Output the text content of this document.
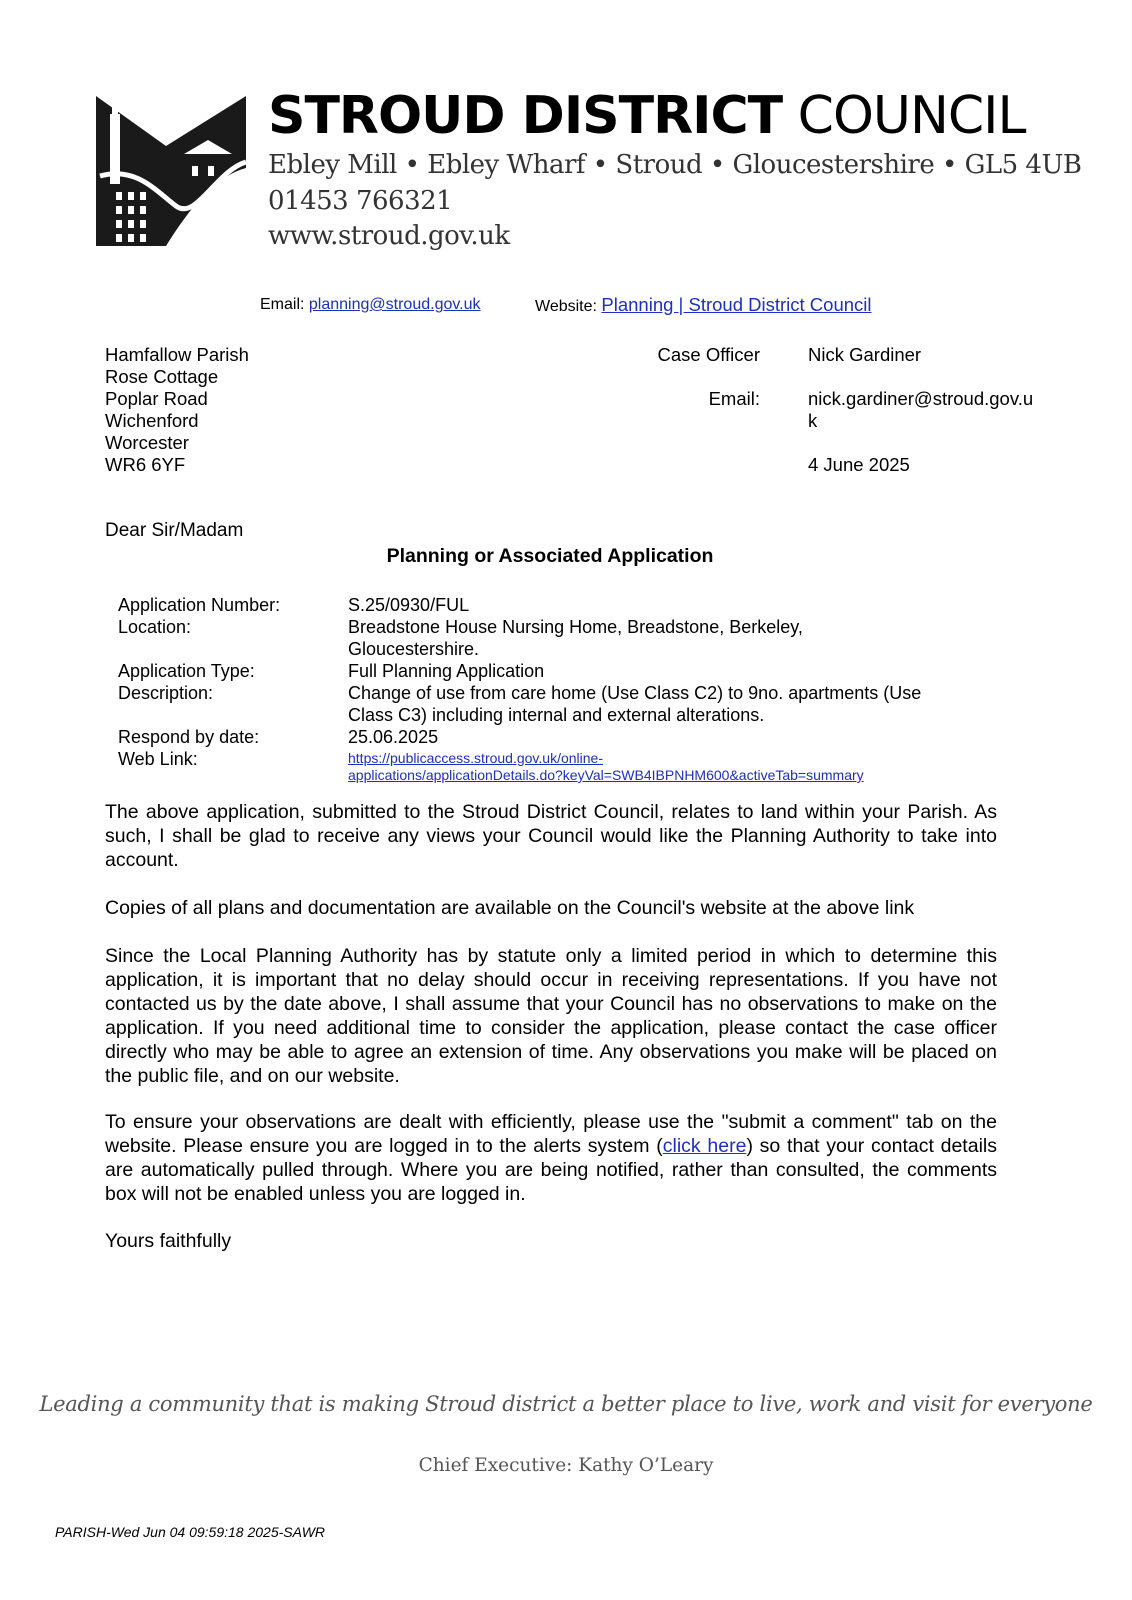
STROUD DISTRICT COUNCIL
Ebley Mill • Ebley Wharf • Stroud • Gloucestershire • GL5 4UB
01453 766321
www.stroud.gov.uk
Email: planning@stroud.gov.uk	Website: Planning | Stroud District Council
Hamfallow Parish
Rose Cottage
Poplar Road
Wichenford
Worcester
WR6 6YF
Case Officer	Nick Gardiner
Email:	nick.gardiner@stroud.gov.u k
4 June 2025
Dear Sir/Madam
Planning or Associated Application
Application Number:	S.25/0930/FUL
Location:	Breadstone House Nursing Home, Breadstone, Berkeley, Gloucestershire.
Application Type:	Full Planning Application
Description:	Change of use from care home (Use Class C2) to 9no. apartments (Use Class C3) including internal and external alterations.
Respond by date:	25.06.2025
Web Link:	https://publicaccess.stroud.gov.uk/online-
applications/applicationDetails.do?keyVal=SWB4IBPNHM600&activeTab=summary
The above application, submitted to the Stroud District Council, relates to land within your Parish. As such, I shall be glad to receive any views your Council would like the Planning Authority to take into account.
Copies of all plans and documentation are available on the Council's website at the above link
Since the Local Planning Authority has by statute only a limited period in which to determine this application, it is important that no delay should occur in receiving representations. If you have not contacted us by the date above, I shall assume that your Council has no observations to make on the application. If you need additional time to consider the application, please contact the case officer directly who may be able to agree an extension of time. Any observations you make will be placed on the public file, and on our website.
To ensure your observations are dealt with efficiently, please use the "submit a comment" tab on the website. Please ensure you are logged in to the alerts system (click here) so that your contact details are automatically pulled through. Where you are being notified, rather than consulted, the comments box will not be enabled unless you are logged in.
Yours faithfully
Leading a community that is making Stroud district a better place to live, work and visit for everyone
Chief Executive: Kathy O’Leary
PARISH-Wed Jun 04 09:59:18 2025-SAWR
